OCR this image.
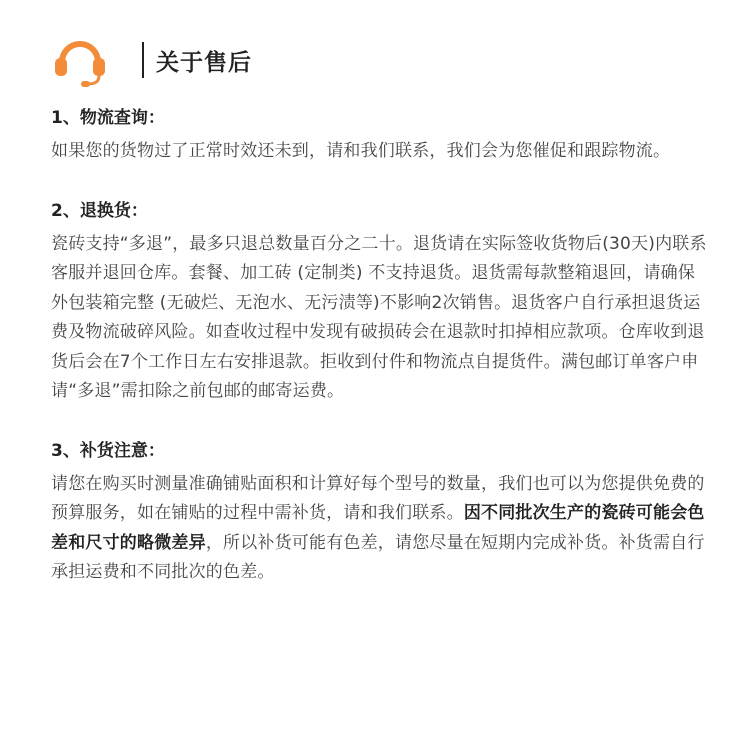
关于售后
1、物流查询：

如果您的货物过了正常时效还未到，请和我们联系，我们会为您催促和跟踪物流。

2、退换货：

瓷砖支持“多退”，最多只退总数量百分之二十。退货请在实际签收货物后(30天)内联系客服并退回仓库。套餐、加工砖 (定制类) 不支持退货。退货需每款整箱退回，请确保外包装箱完整 (无破烂、无泡水、无污渍等)不影响2次销售。退货客户自行承担退货运费及物流破碎风险。如查收过程中发现有破损砖会在退款时扣掉相应款项。仓库收到退货后会在7个工作日左右安排退款。拒收到付件和物流点自提货件。满包邮订单客户申请“多退”需扣除之前包邮的邮寄运费。

3、补货注意：

请您在购买时测量准确铺贴面积和计算好每个型号的数量，我们也可以为您提供免费的预算服务，如在铺贴的过程中需补货，请和我们联系。因不同批次生产的瓷砖可能会色差和尺寸的略微差异，所以补货可能有色差，请您尽量在短期内完成补货。补货需自行承担运费和不同批次的色差。
